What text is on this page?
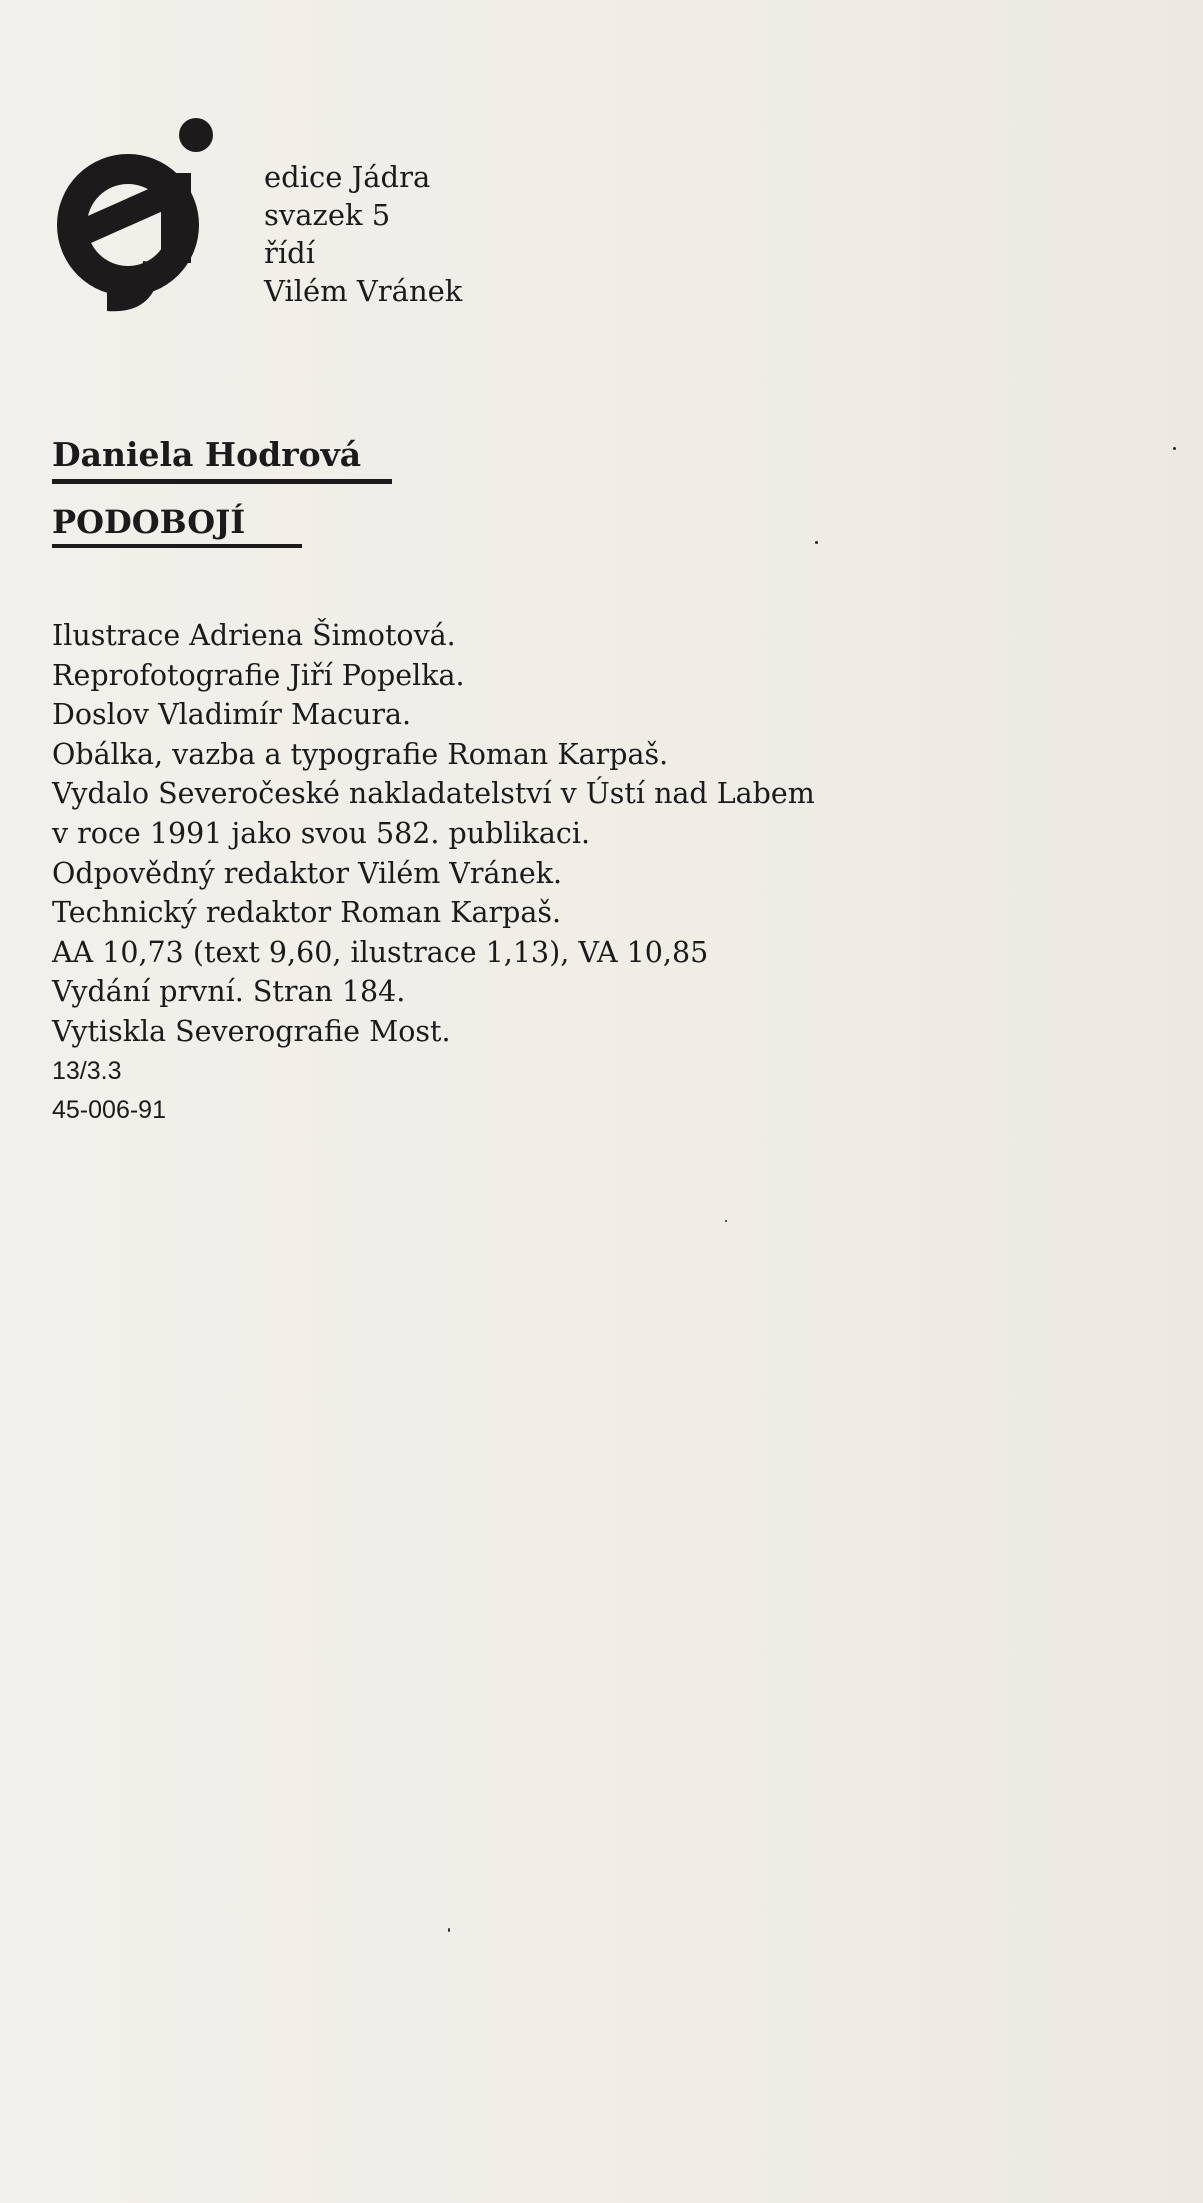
edice Jádra
svazek 5
řídí
Vilém Vránek
Daniela Hodrová
PODOBOJÍ
Ilustrace Adriena Šimotová.
Reprofotografie Jiří Popelka.
Doslov Vladimír Macura.
Obálka, vazba a typografie Roman Karpaš.
Vydalo Severočeské nakladatelství v Ústí nad Labem
v roce 1991 jako svou 582. publikaci.
Odpovědný redaktor Vilém Vránek.
Technický redaktor Roman Karpaš.
AA 10,73 (text 9,60, ilustrace 1,13), VA 10,85
Vydání první. Stran 184.
Vytiskla Severografie Most.
13/3.3
45-006-91
